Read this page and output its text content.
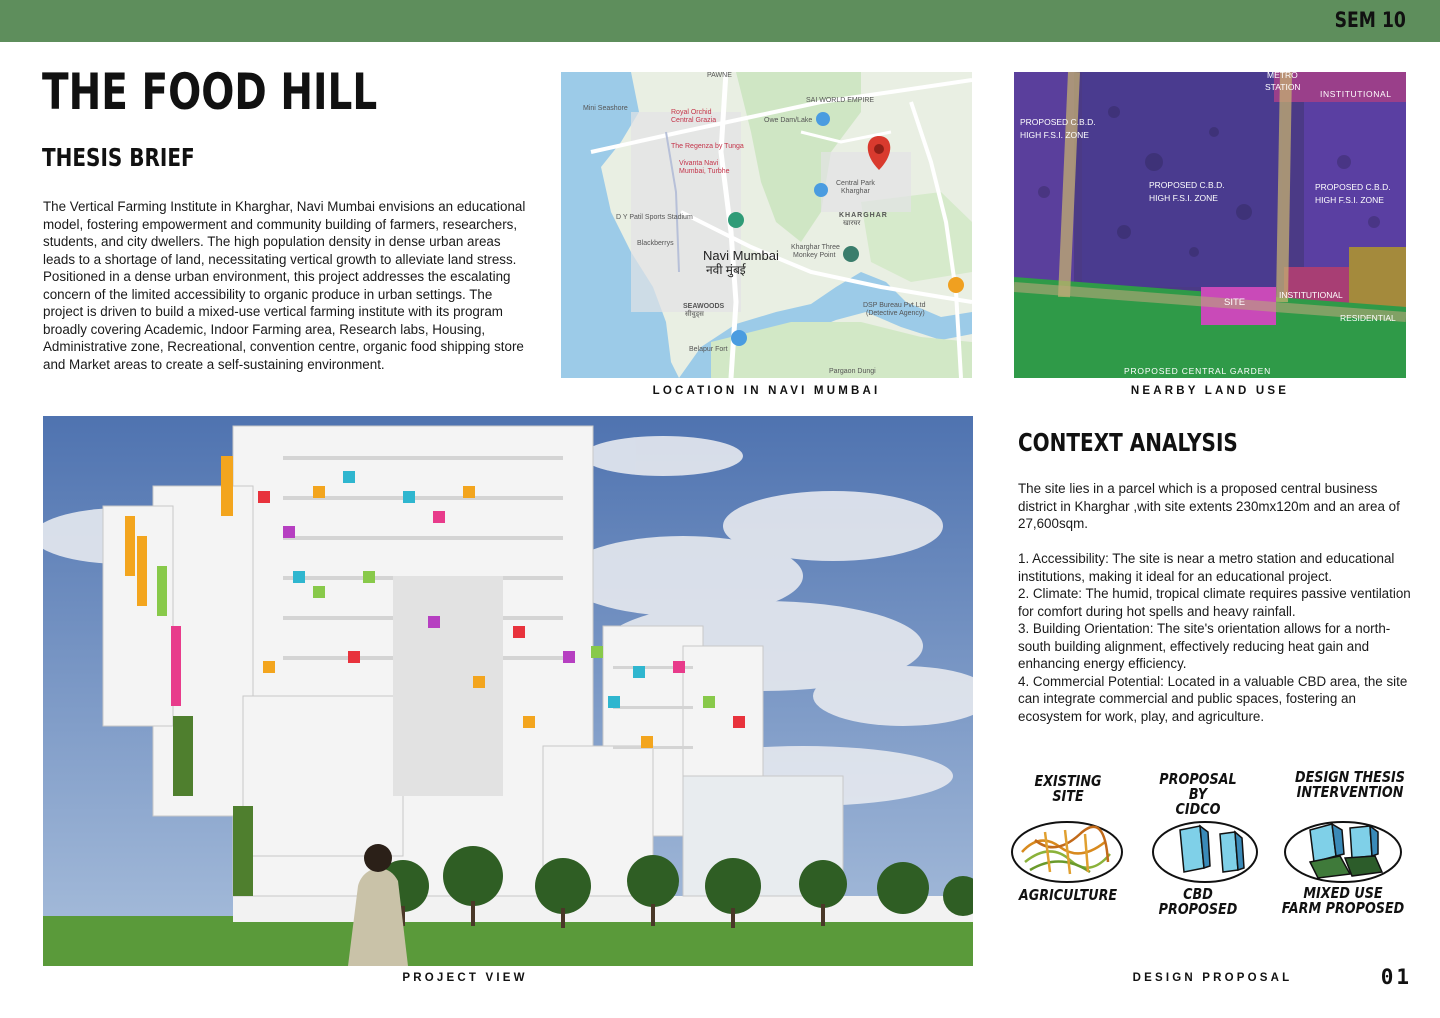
SEM 10
THE FOOD HILL
THESIS BRIEF
The Vertical Farming Institute in Kharghar, Navi Mumbai envisions an educational model, fostering empowerment and community building of farmers, researchers, students, and city dwellers. The high population density in dense urban areas leads to a shortage of land, necessitating vertical growth to alleviate land stress. Positioned in a dense urban environment, this project addresses the escalating concern of the limited accessibility to organic produce in urban settings. The project is driven to build a mixed-use vertical farming institute with its program broadly covering Academic, Indoor Farming area, Research labs, Housing, Administrative zone, Recreational, convention centre, organic food shipping store and Market areas to create a self-sustaining environment.
PAWNE
Mini Seashore
Royal Orchid
Central Grazia
SAI WORLD EMPIRE
Owe Dam/Lake
The Regenza by Tunga
Vivanta Navi
Mumbai, Turbhe
Central Park
Kharghar
KHARGHAR
खारघर
D Y Patil Sports Stadium
Blackberrys
Navi Mumbai
नवी मुंबई
Kharghar Three
Monkey Point
SEAWOODS
सीवुड्स
DSP Bureau Pvt Ltd
(Detective Agency)
Belapur Fort
Pargaon Dungi
LOCATION IN NAVI MUMBAI
METRO
STATION
INSTITUTIONAL
PROPOSED C.B.D.
HIGH F.S.I. ZONE
PROPOSED C.B.D.
HIGH F.S.I. ZONE
PROPOSED C.B.D.
HIGH F.S.I. ZONE
SITE
INSTITUTIONAL
RESIDENTIAL
PROPOSED CENTRAL GARDEN
NEARBY LAND USE
PROJECT VIEW
CONTEXT ANALYSIS

The site lies in a parcel which is a proposed central business district in Kharghar ,with site extents 230mx120m and an area of 27,600sqm.

1. Accessibility: The site is near a metro station and educational institutions, making it ideal for an educational project.

2. Climate: The humid, tropical climate requires passive ventilation for comfort during hot spells and heavy rainfall.

3. Building Orientation: The site's orientation allows for a north-south building alignment, effectively reducing heat gain and enhancing energy efficiency.

4. Commercial Potential: Located in a valuable CBD area, the site can integrate commercial and public spaces, fostering an ecosystem for work, play, and agriculture.

EXISTING SITE
PROPOSAL BY
CIDCO
DESIGN THESIS
INTERVENTION
AGRICULTURE	CBD
PROPOSED
MIXED USE
FARM PROPOSED
DESIGN PROPOSAL	01
